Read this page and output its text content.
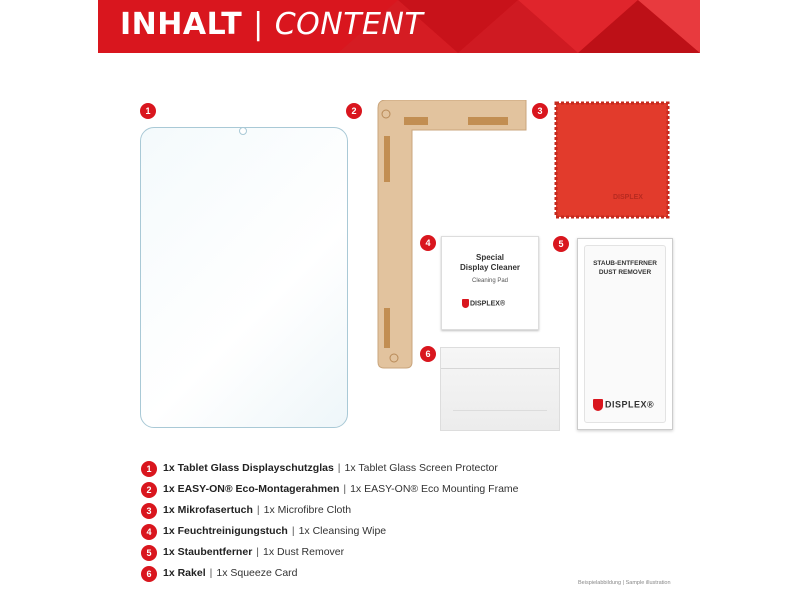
INHALT | CONTENT
1	2	3
DISPLEX
4
Special
Display Cleaner
Cleaning Pad
DISPLEX®
5
STAUB-ENTFERNER
DUST REMOVER
DISPLEX®
6
1	1x Tablet Glass Displayschutzglas | 1x Tablet Glass Screen Protector
2	1x EASY-ON® Eco-Montagerahmen | 1x EASY-ON® Eco Mounting Frame
3	1x Mikrofasertuch | 1x Microfibre Cloth
4	1x Feuchtreinigungstuch | 1x Cleansing Wipe
5	1x Staubentferner | 1x Dust Remover
6	1x Rakel | 1x Squeeze Card
Beispielabbildung | Sample illustration
